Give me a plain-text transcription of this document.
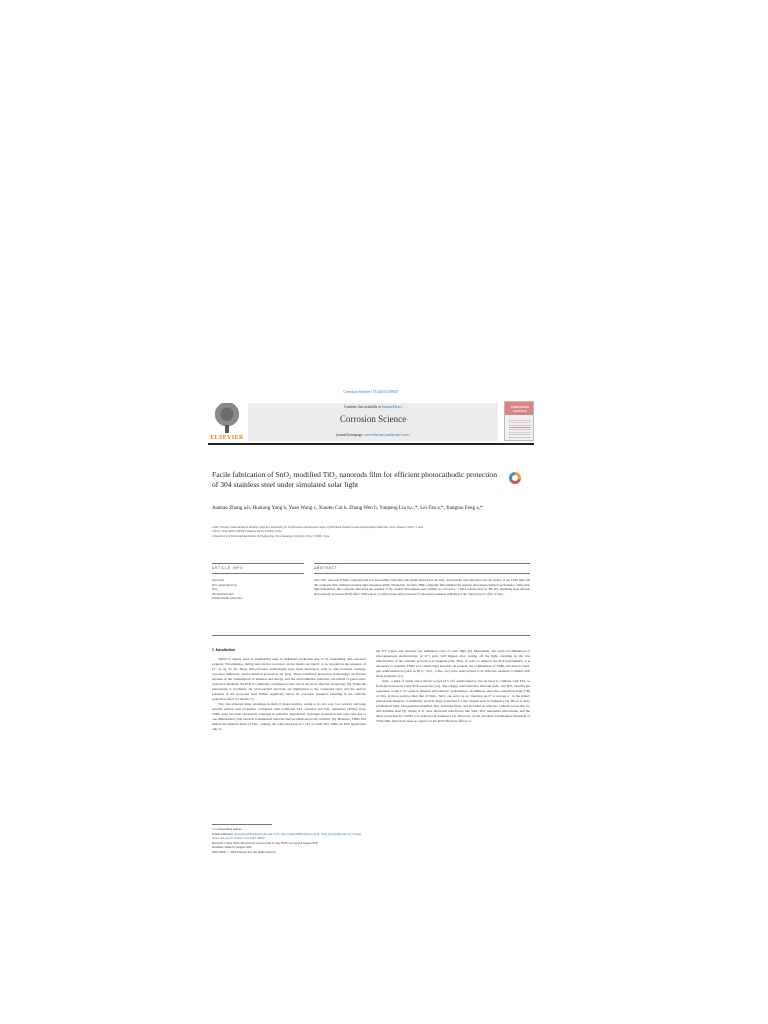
Corrosion Science 175 (2020) 108927
ELSEVIER
Contents lists available at ScienceDirect
Corrosion Science
journal homepage: www.elsevier.com/locate/corsci
CORROSION SCIENCE
Facile fabrication of SnO₂ modified TiO₂ nanorods film for efficient photocathodic protection of 304 stainless steel under simulated solar light
Juantao Zhang a,b, Hualong Yang b, Yuan Wang c, Xiaobo Cui b, Zhang Wen b, Yunpeng Liu b,c,*, Lei Fan a,*, Jiangtao Feng a,*
a NPC Tubular Goods Research Institute, State Key Laboratory for Performance and Structure Safety of Petroleum Tubular Goods and Equipment Materials, Xi'an, Shaanxi 710077, China
b Petro China Tarim Oilfield Company, Korla, 841000, China
c Department of Environmental Science & Engineering, Xi'an Jiaotong University, Xi'an, 710049, China
ARTICLE INFO	ABSTRACT
Keywords
TiO₂ nanorods array
SnO₂
304 stainless steel
Photocathodic protection
SnO₂/TiO₂ nanorods (TNRs) composite film was successfully fabricated. The results showed that the SnO₂ nanoparticles were deposited onto the surface of the TNRs film, and this composite film exhibited excellent light absorption ability. Meanwhile, the SnO₂/TNRs composite film exhibited the superior photoelectrochemical performance. With white light illumination, this composite film made the potential of the coupled 304 stainless steel (304SS) in a 0.5 mol L⁻¹ NaCl solution drop by 380 mV, exhibiting more efficient photocathodic protection (PCP) effect. What's more, it could provide delay protection for the steel in darkness attributing to the "electron pool" effect of SnO₂.
1. Introduction

304SS is widely used as engineering steel in industrial production due to its outstanding anti-corrosion property. Nevertheless, pitting and crevice corrosion on the metals are barely to be avoided in the presence of Cl⁻ [1–3]. So far, many anti-corrosion technologies have been developed, such as anti-corrosion coatings, corrosion inhibitors, electrochemical protection, etc [4,5]. These traditional protection technologies are limited because of the consumption of material and energy, and the environmental pollution. On behalf of green steel-protection methods, the PCP is commonly considered as the one of the most effective technology [6]. When the photoanode is irradiated, the photoexcited electrons are immigrated to the connected steel, and the surface potential of the protected steel shifted negatively below its corrosion potential, resulting in the cathodic protection effect for metals [7].

TiO₂ has attracted many attentions in field of photocatalysis, owing to its low cost, low toxicity and large specific surface area properties. Compared with traditional TiO₂ particles and TiO₂ nanotubes (TNTs) array, TNRs array has been extensively exploited in pollution degradation, hydrogen production and solar cells due to one-dimensional (1D) electron transmission shortcut and excellent electronic mobility [8]. However, TNRs still suffers the inherent flaws of TiO₂, namely, the wide band gap (3.1 eV) of rutile TiO₂ limits its PCP application only in

the UV region and decrease the utilization ratio of solar light [9]. Meanwhile, the rapid recombination of photogenerated electrons/hole (e⁻/h⁺) pairs will happen after cutting off the light, resulting in the low effectiveness of the cathodic protection in darkness [10]. Thus, in order to enhance the PCP performance, it is necessary to sensitize TNRs as a visible light absorber. At present, the combination of TNRs and narrow band-gap semiconductors (such as Bi₂S₃, WO₃, CdSe, etc.) have been proved to be effective methods to hinder with those problems [11].

SnO₂, a kind of stable and nontoxic n-type (3.5 eV) semiconductor, has be used to combine with TiO₂ to form photoanode in some PCP researches [12]. The stagger band structure between SnO₂ and TiO₂ benefits the separation of the e⁻/h⁺ pairs to enhance photoelectric performance. In addition, since the conduction band (CB) of TiO₂ is more positive than that of SnO₂, SnO₂ can serve as an "electron pool" to storage e⁻ in the binary photoanode material, to ultimately provide delay protection for the coupled steel in darkness [13]. Hu et al. have synthesized SnO₂ nanoparticles modified TiO₂ nanotube films, and provided an effective cathodic protection for 403 stainless steel [9]. Zhang et al. have fabricated nanoflower like SnO₂-TiO₂ nanotubes photoanode, and the delay protection for 304SS was achieved in darkness [12]. However, as the excellent nanofilament materials of TNTs film, there have been no reports on the PCP efficiency effects of

* Corresponding authors.
E-mail addresses: liuyunpeng2004@mail.xjtu.edu.cn (Y. Liu), fanlei198802@163.com (L. Fan), fjtes@xjtu.edu.cn (J. Feng).
https://doi.org/10.1016/j.corsci.2020.108927
Received 7 April 2020; Received in revised form 15 July 2020; Accepted 3 August 2020
Available online 07 August 2020
0010-938X/ © 2020 Elsevier Ltd. All rights reserved.
